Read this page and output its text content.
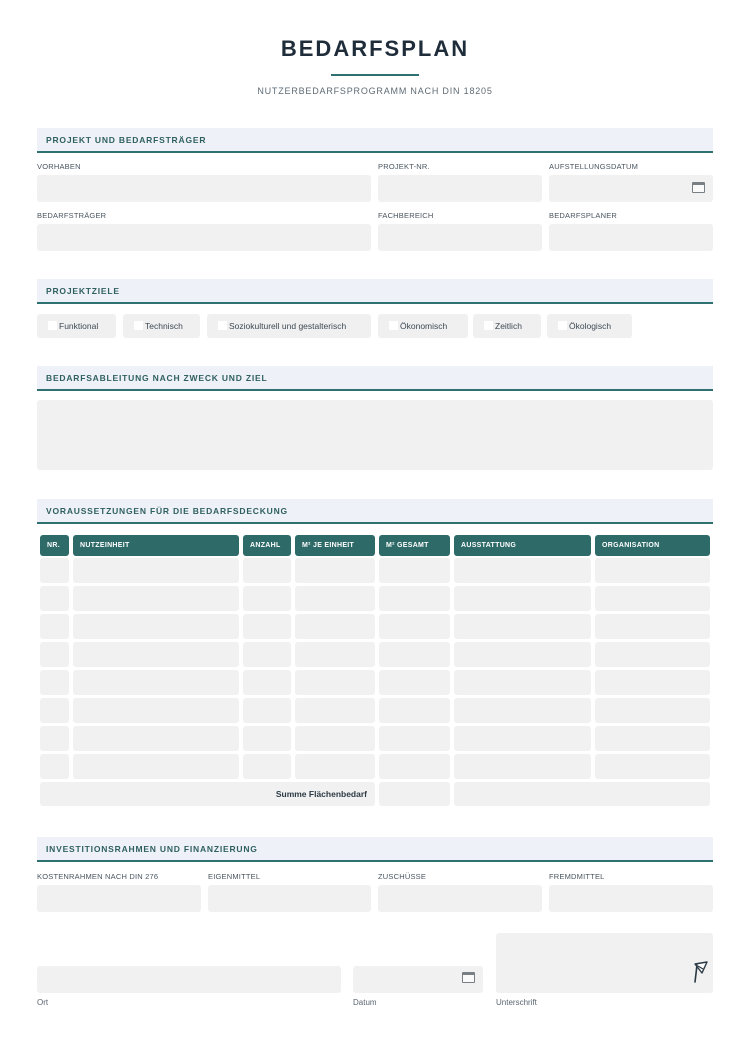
BEDARFSPLAN
NUTZERBEDARFSPROGRAMM NACH DIN 18205
PROJEKT UND BEDARFSTRÄGER
VORHABEN	PROJEKT-NR.	AUFSTELLUNGSDATUM
BEDARFSTRÄGER	FACHBEREICH	BEDARFSPLANER
PROJEKTZIELE
Funktional	Technisch	Soziokulturell und gestalterisch	Ökonomisch	Zeitlich	Ökologisch
BEDARFSABLEITUNG NACH ZWECK UND ZIEL
VORAUSSETZUNGEN FÜR DIE BEDARFSDECKUNG
NR.	NUTZEINHEIT	ANZAHL	M² JE EINHEIT	M² GESAMT	AUSSTATTUNG	ORGANISATION
Summe Flächenbedarf
INVESTITIONSRAHMEN UND FINANZIERUNG
KOSTENRAHMEN NACH DIN 276	EIGENMITTEL	ZUSCHÜSSE	FREMDMITTEL
Ort	Datum	Unterschrift
